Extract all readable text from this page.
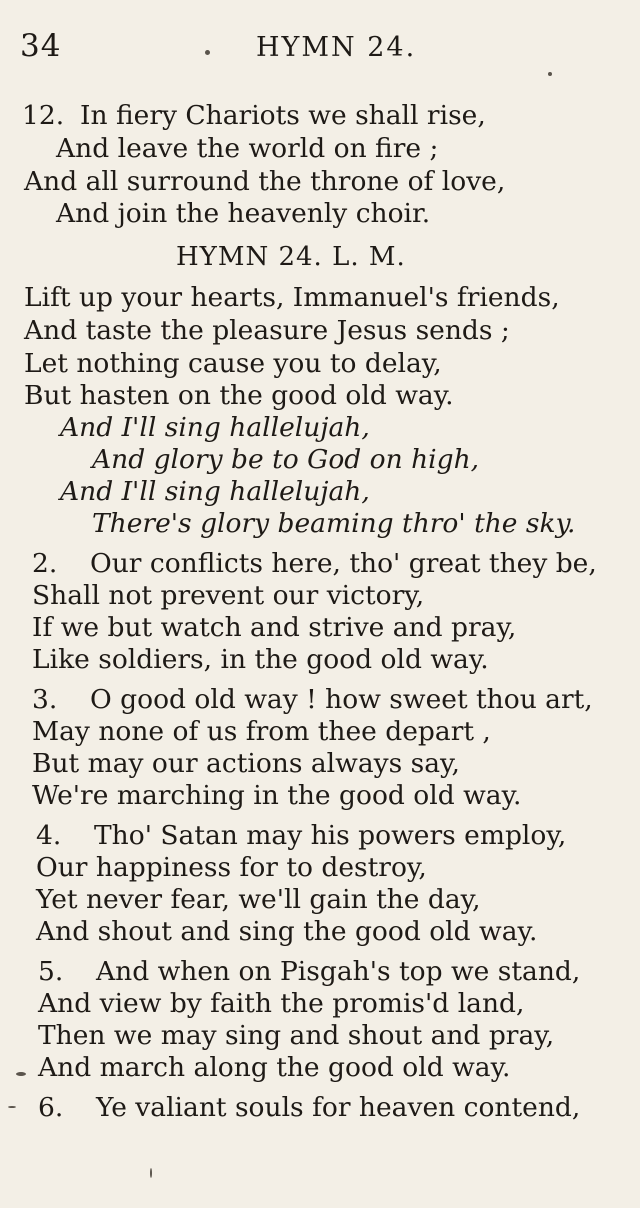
34	HYMN 24.
12. In fiery Chariots we shall rise,
And leave the world on fire ;
And all surround the throne of love,
And join the heavenly choir.
HYMN 24. L. M.
Lift up your hearts, Immanuel's friends,
And taste the pleasure Jesus sends ;
Let nothing cause you to delay,
But hasten on the good old way.
And I'll sing hallelujah,
And glory be to God on high,
And I'll sing hallelujah,
There's glory beaming thro' the sky.
2. Our conflicts here, tho' great they be,
Shall not prevent our victory,
If we but watch and strive and pray,
Like soldiers, in the good old way.
3. O good old way ! how sweet thou art,
May none of us from thee depart ,
But may our actions always say,
We're marching in the good old way.
4. Tho' Satan may his powers employ,
Our happiness for to destroy,
Yet never fear, we'll gain the day,
And shout and sing the good old way.
5. And when on Pisgah's top we stand,
And view by faith the promis'd land,
Then we may sing and shout and pray,
And march along the good old way.
6. Ye valiant souls for heaven contend,
